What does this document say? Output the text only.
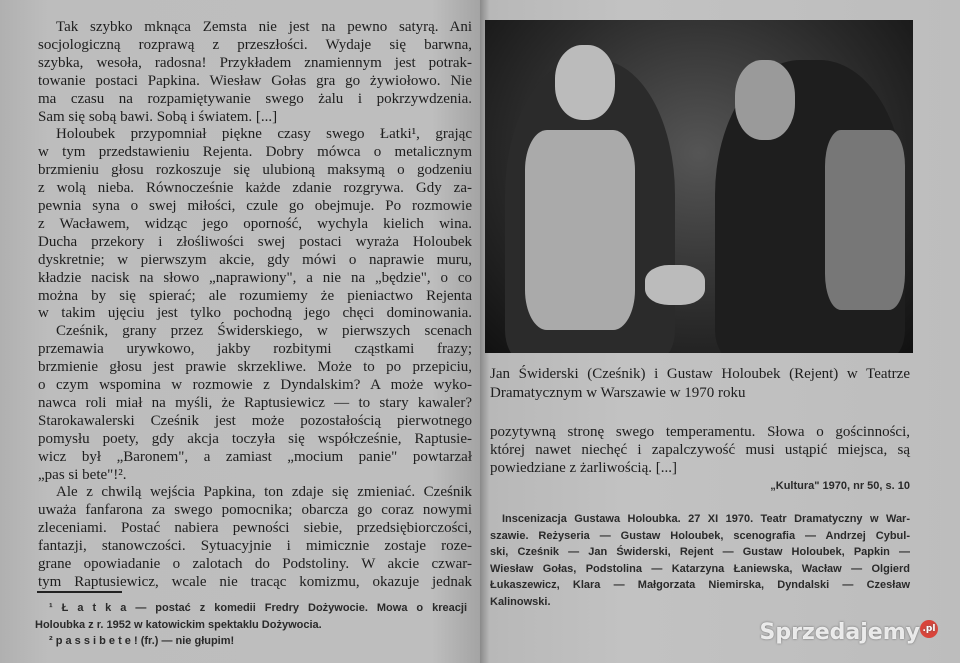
Tak szybko mknąca Zemsta nie jest na pewno satyrą. Ani
socjologiczną rozprawą z przeszłości. Wydaje się barwna,
szybka, wesoła, radosna! Przykładem znamiennym jest potrak-
towanie postaci Papkina. Wiesław Gołas gra go żywiołowo. Nie
ma czasu na rozpamiętywanie swego żalu i pokrzywdzenia.
Sam się sobą bawi. Sobą i światem. [...]
Holoubek przypomniał piękne czasy swego Łatki¹, grając
w tym przedstawieniu Rejenta. Dobry mówca o metalicznym
brzmieniu głosu rozkoszuje się ulubioną maksymą o godzeniu
z wolą nieba. Równocześnie każde zdanie rozgrywa. Gdy za-
pewnia syna o swej miłości, czule go obejmuje. Po rozmowie
z Wacławem, widząc jego oporność, wychyla kielich wina.
Ducha przekory i złośliwości swej postaci wyraża Holoubek
dyskretnie; w pierwszym akcie, gdy mówi o naprawie muru,
kładzie nacisk na słowo „naprawiony", a nie na „będzie", o co
można by się spierać; ale rozumiemy że pieniactwo Rejenta
w takim ujęciu jest tylko pochodną jego chęci dominowania.
Cześnik, grany przez Świderskiego, w pierwszych scenach
przemawia urywkowo, jakby rozbitymi cząstkami frazy;
brzmienie głosu jest prawie skrzekliwe. Może to po przepiciu,
o czym wspomina w rozmowie z Dyndalskim? A może wyko-
nawca roli miał na myśli, że Raptusiewicz — to stary kawaler?
Starokawalerski Cześnik jest może pozostałością pierwotnego
pomysłu poety, gdy akcja toczyła się współcześnie, Raptusie-
wicz był „Baronem", a zamiast „mocium panie" powtarzał
„pas si bete"!².
Ale z chwilą wejścia Papkina, ton zdaje się zmieniać. Cześnik
uważa fanfarona za swego pomocnika; obarcza go coraz nowymi
zleceniami. Postać nabiera pewności siebie, przedsiębiorczości,
fantazji, stanowczości. Sytuacyjnie i mimicznie zostaje roze-
grane opowiadanie o zalotach do Podstoliny. W akcie czwar-
tym Raptusiewicz, wcale nie tracąc komizmu, okazuje jednak
¹ Ł a t k a — postać z komedii Fredry Dożywocie. Mowa o kreacji
Holoubka z r. 1952 w katowickim spektaklu Dożywocia.
² p a s s i b e t e ! (fr.) — nie głupim!
Jan Świderski (Cześnik) i Gustaw Holoubek (Rejent) w Teatrze
Dramatycznym w Warszawie w 1970 roku
pozytywną stronę swego temperamentu. Słowa o gościnności,
której nawet niechęć i zapalczywość musi ustąpić miejsca, są
powiedziane z żarliwością. [...]
„Kultura" 1970, nr 50, s. 10
Inscenizacja Gustawa Holoubka. 27 XI 1970. Teatr Dramatyczny w War-
szawie. Reżyseria — Gustaw Holoubek, scenografia — Andrzej Cybul-
ski, Cześnik — Jan Świderski, Rejent — Gustaw Holoubek, Papkin —
Wiesław Gołas, Podstolina — Katarzyna Łaniewska, Wacław — Olgierd
Łukaszewicz, Klara — Małgorzata Niemirska, Dyndalski — Czesław
Kalinowski.
Sprzedajemy .pl
